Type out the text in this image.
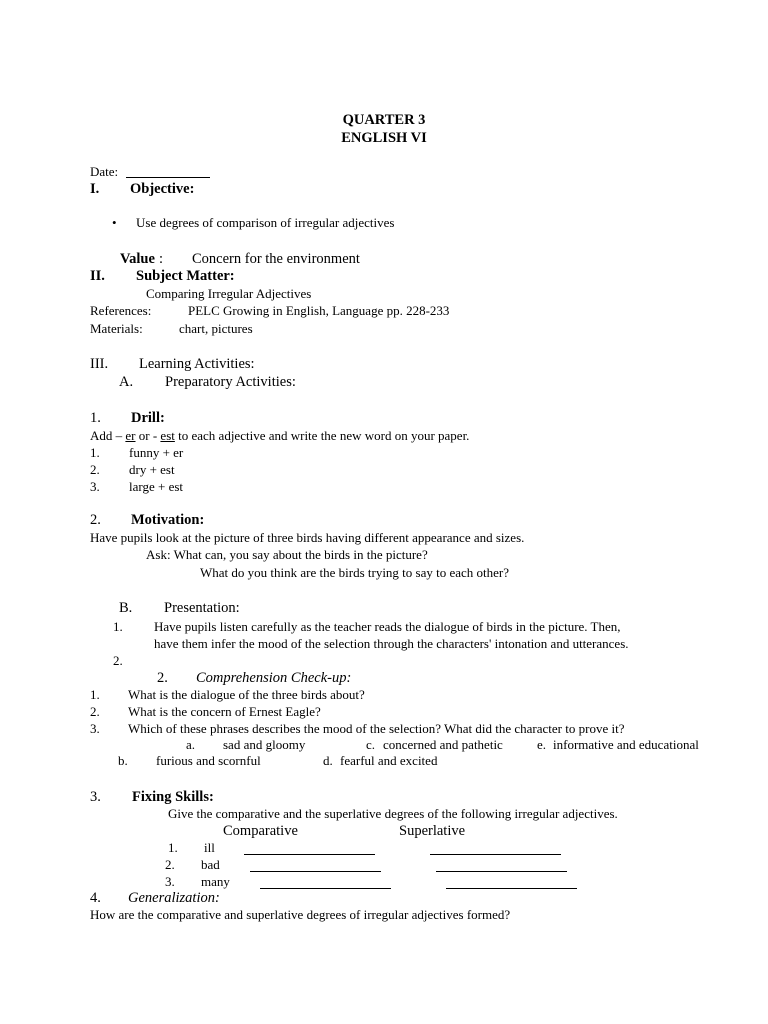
QUARTER 3
ENGLISH VI
Date:
I. Objective:
• Use degrees of comparison of irregular adjectives
Value : Concern for the environment
II. Subject Matter:
Comparing Irregular Adjectives
References:	PELC Growing in English, Language pp. 228-233
Materials:	chart, pictures
III. Learning Activities:
A. Preparatory Activities:
1. Drill:
Add – er or - est to each adjective and write the new word on your paper.
1. funny + er
2. dry + est
3. large + est
2. Motivation:
Have pupils look at the picture of three birds having different appearance and sizes.
Ask: What can, you say about the birds in the picture?
What do you think are the birds trying to say to each other?
B. Presentation:
1. Have pupils listen carefully as the teacher reads the dialogue of birds in the picture. Then,
have them infer the mood of the selection through the characters' intonation and utterances.
2.
2. Comprehension Check-up:
1. What is the dialogue of the three birds about?
2. What is the concern of Ernest Eagle?
3. Which of these phrases describes the mood of the selection? What did the character to prove it?
a. sad and gloomy	c. concerned and pathetic	e. informative and educational
b. furious and scornful	d. fearful and excited
3. Fixing Skills:
Give the comparative and the superlative degrees of the following irregular adjectives.
Comparative	Superlative
1. ill
2. bad
3. many
4. Generalization:
How are the comparative and superlative degrees of irregular adjectives formed?
